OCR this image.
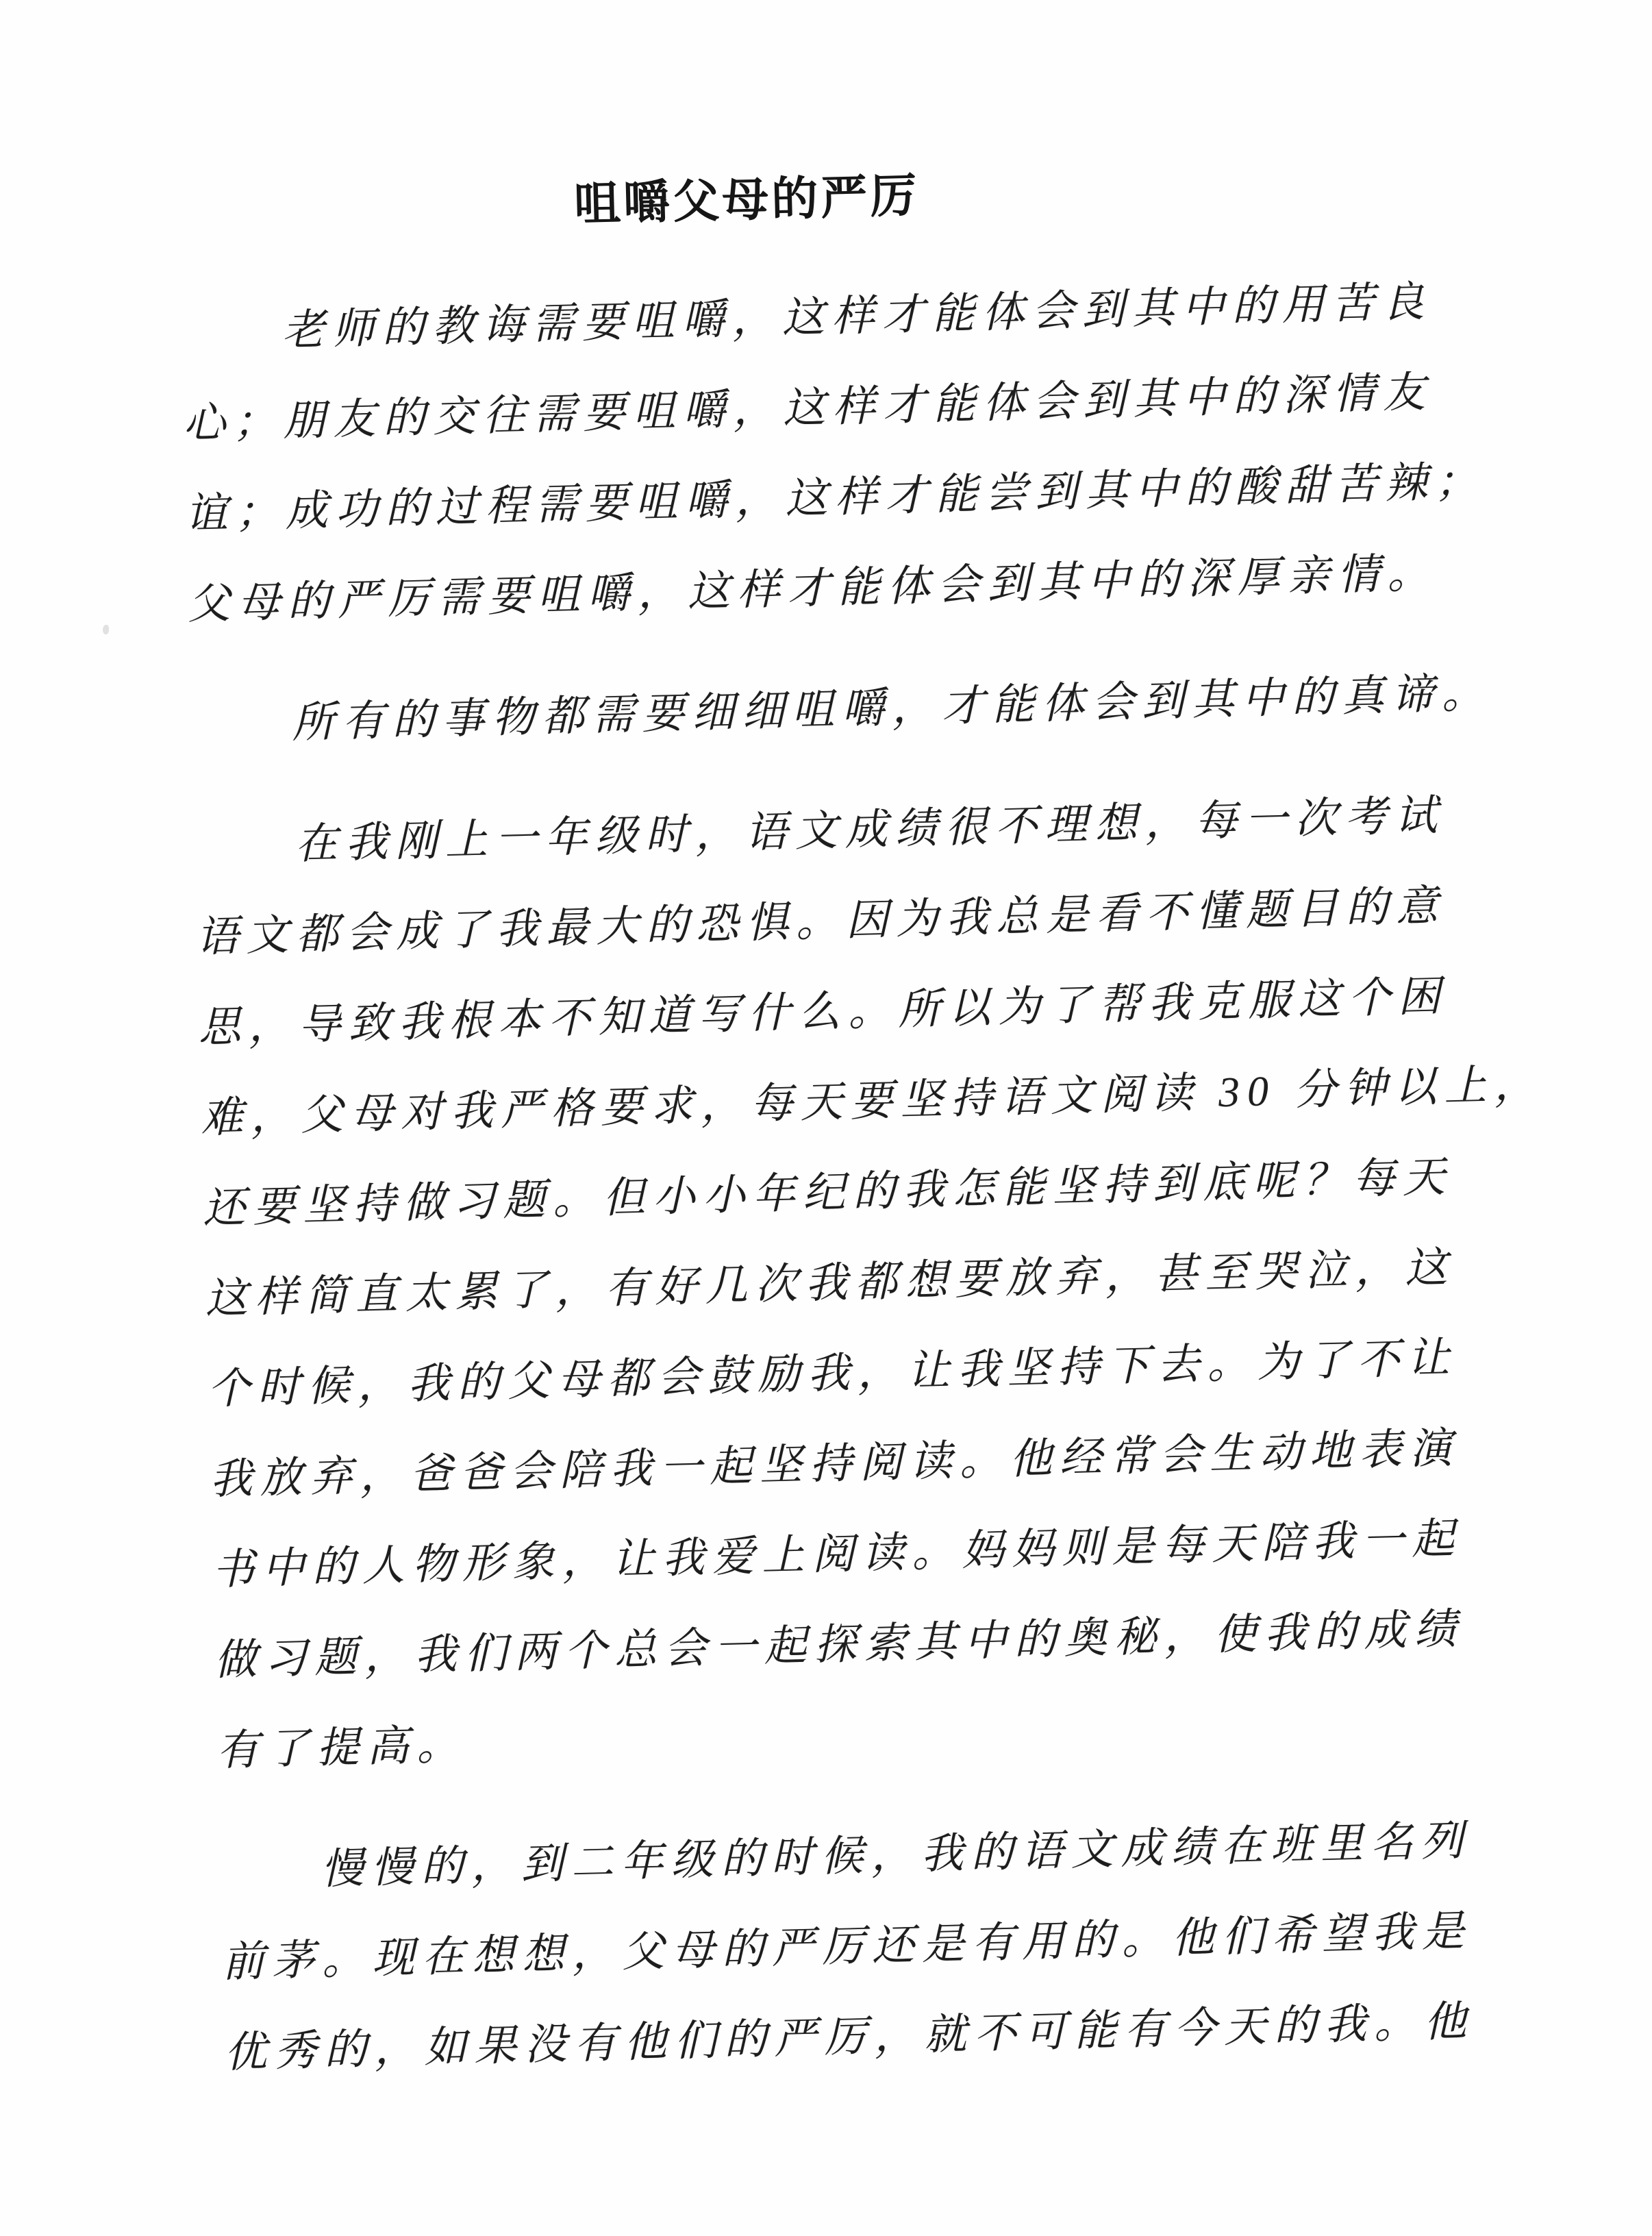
咀嚼父母的严厉
老师的教诲需要咀嚼，这样才能体会到其中的用苦良
心；朋友的交往需要咀嚼，这样才能体会到其中的深情友
谊；成功的过程需要咀嚼，这样才能尝到其中的酸甜苦辣；
父母的严厉需要咀嚼，这样才能体会到其中的深厚亲情。
所有的事物都需要细细咀嚼，才能体会到其中的真谛。
在我刚上一年级时，语文成绩很不理想，每一次考试
语文都会成了我最大的恐惧。因为我总是看不懂题目的意
思，导致我根本不知道写什么。所以为了帮我克服这个困
难，父母对我严格要求，每天要坚持语文阅读 30 分钟以上，
还要坚持做习题。但小小年纪的我怎能坚持到底呢？每天
这样简直太累了，有好几次我都想要放弃，甚至哭泣，这
个时候，我的父母都会鼓励我，让我坚持下去。为了不让
我放弃，爸爸会陪我一起坚持阅读。他经常会生动地表演
书中的人物形象，让我爱上阅读。妈妈则是每天陪我一起
做习题，我们两个总会一起探索其中的奥秘，使我的成绩
有了提高。
慢慢的，到二年级的时候，我的语文成绩在班里名列
前茅。现在想想，父母的严厉还是有用的。他们希望我是
优秀的，如果没有他们的严厉，就不可能有今天的我。他
